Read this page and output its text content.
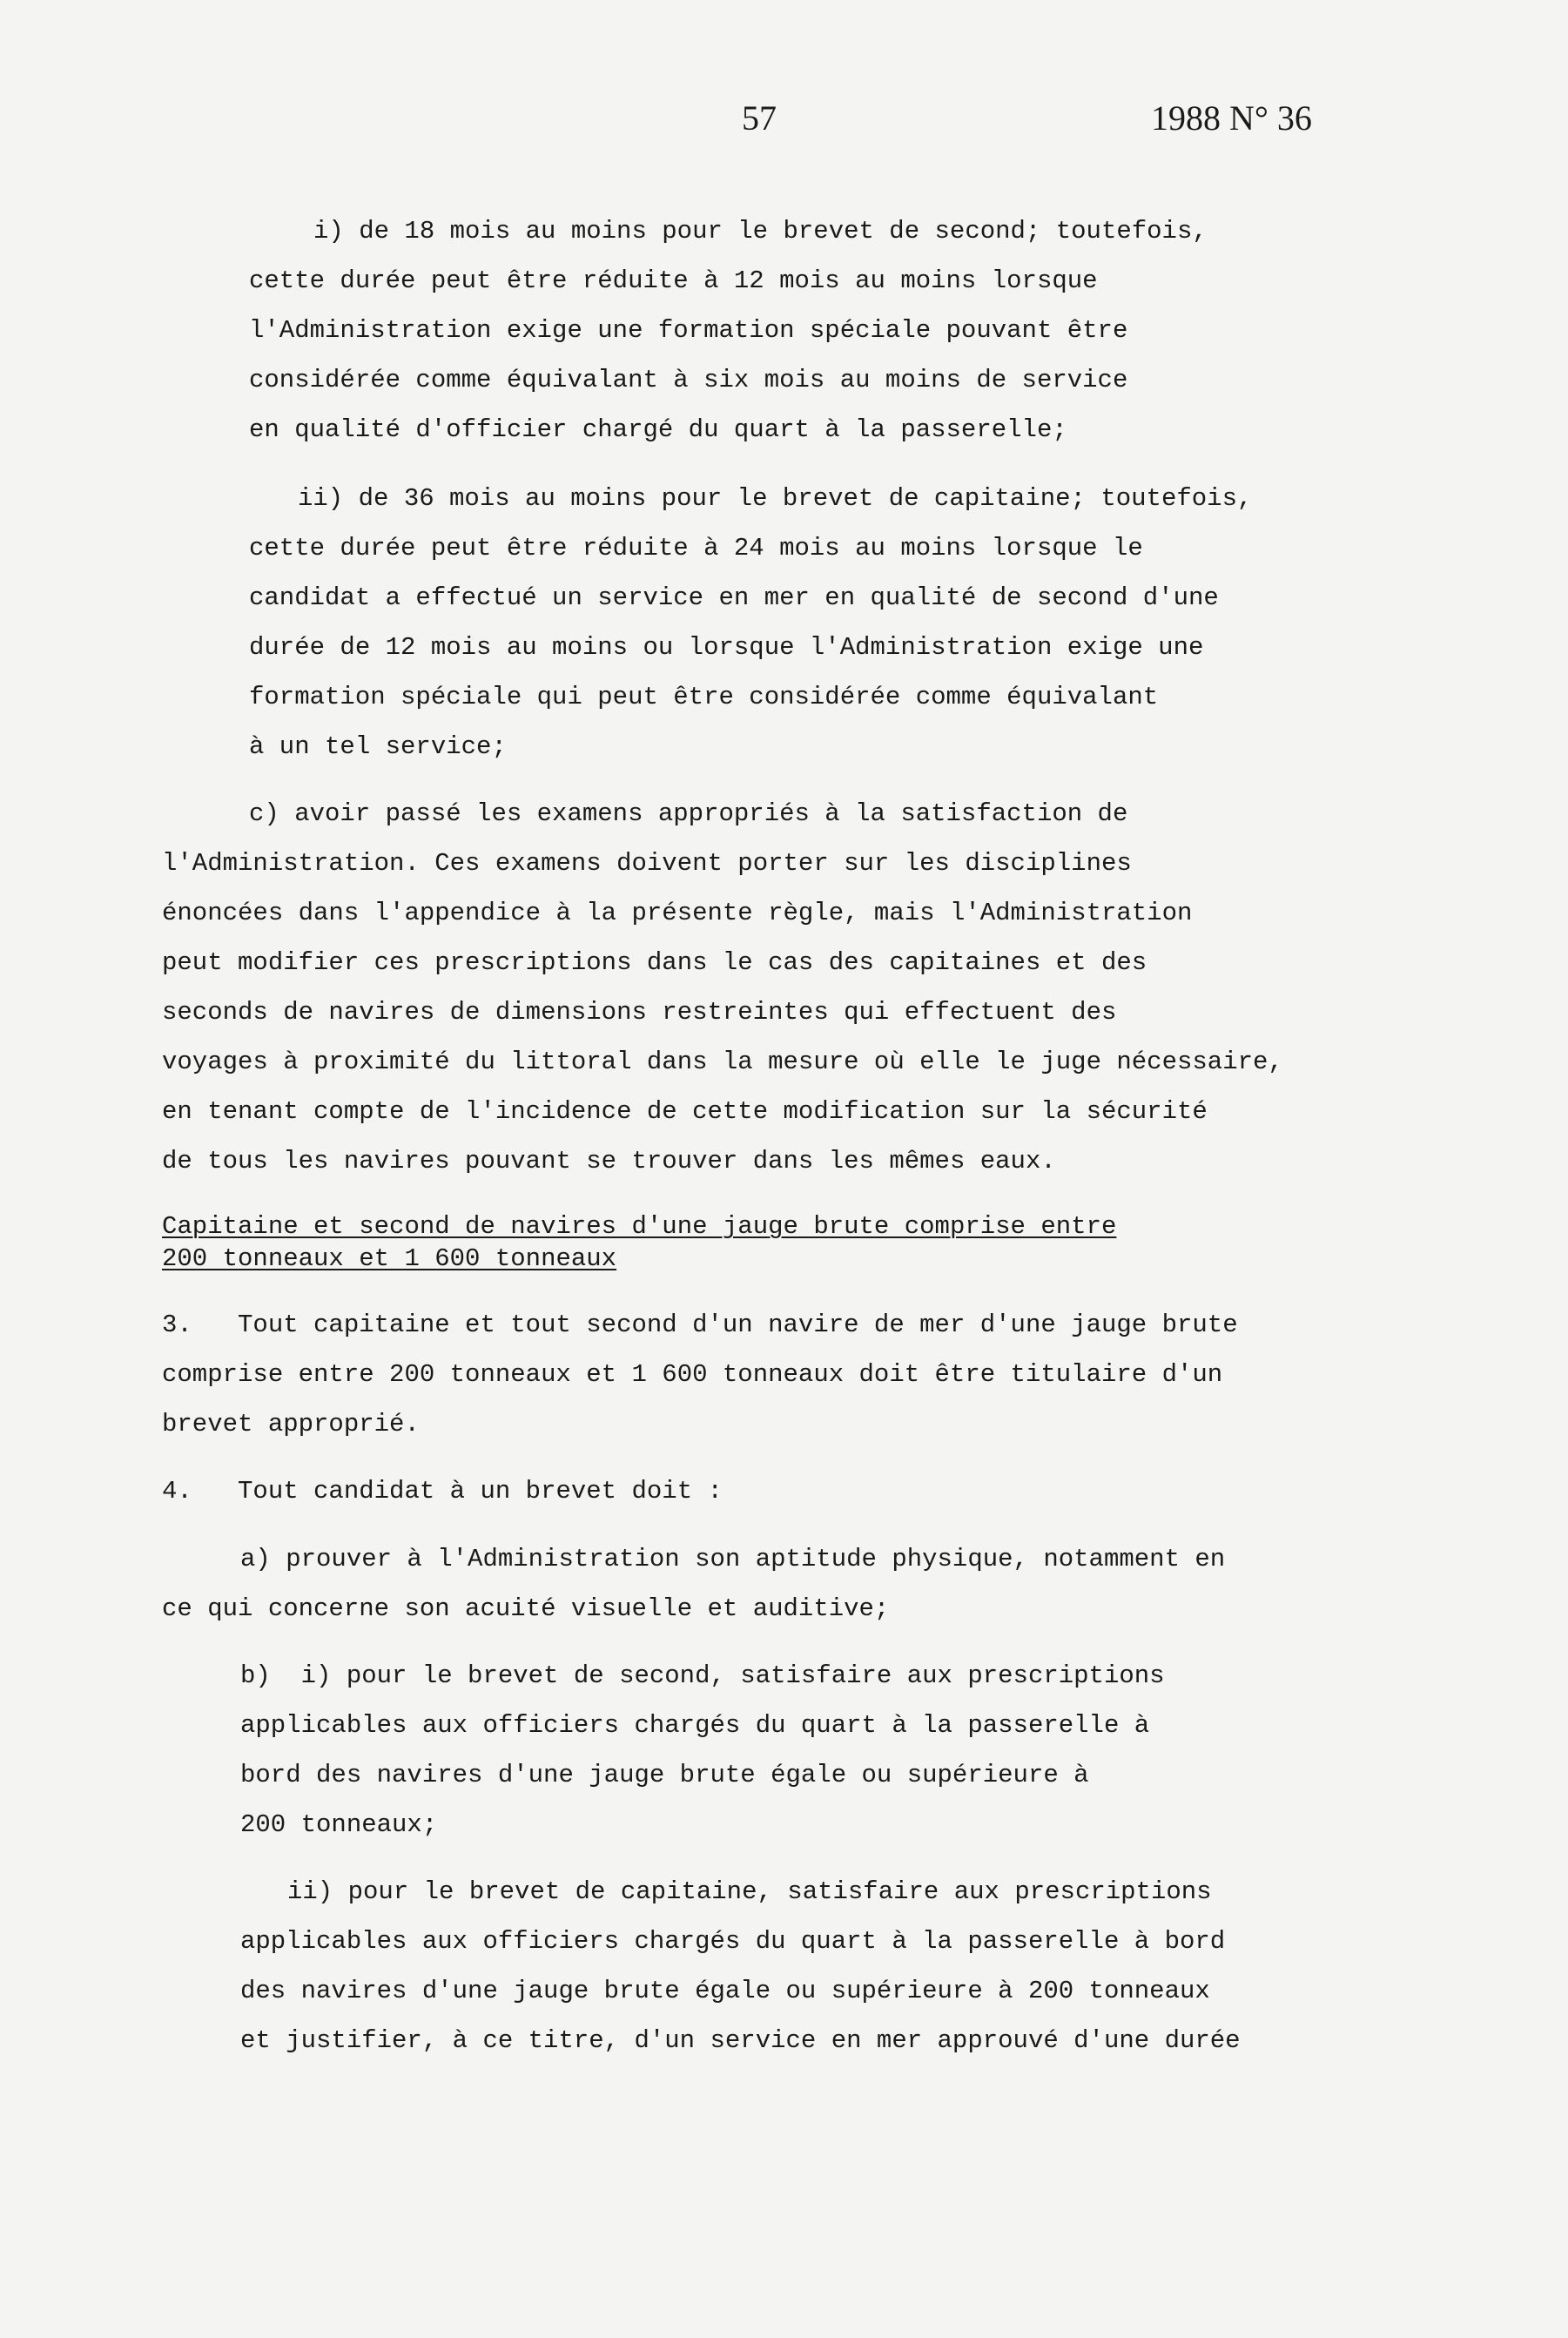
57	1988 N° 36

i) de 18 mois au moins pour le brevet de second; toutefois,

cette durée peut être réduite à 12 mois au moins lorsque

l'Administration exige une formation spéciale pouvant être

considérée comme équivalant à six mois au moins de service

en qualité d'officier chargé du quart à la passerelle;

ii) de 36 mois au moins pour le brevet de capitaine; toutefois,

cette durée peut être réduite à 24 mois au moins lorsque le

candidat a effectué un service en mer en qualité de second d'une

durée de 12 mois au moins ou lorsque l'Administration exige une

formation spéciale qui peut être considérée comme équivalant

à un tel service;

c) avoir passé les examens appropriés à la satisfaction de

l'Administration. Ces examens doivent porter sur les disciplines

énoncées dans l'appendice à la présente règle, mais l'Administration

peut modifier ces prescriptions dans le cas des capitaines et des

seconds de navires de dimensions restreintes qui effectuent des

voyages à proximité du littoral dans la mesure où elle le juge nécessaire,

en tenant compte de l'incidence de cette modification sur la sécurité

de tous les navires pouvant se trouver dans les mêmes eaux.

Capitaine et second de navires d'une jauge brute comprise entre

200 tonneaux et 1 600 tonneaux

3.   Tout capitaine et tout second d'un navire de mer d'une jauge brute

comprise entre 200 tonneaux et 1 600 tonneaux doit être titulaire d'un

brevet approprié.

4.   Tout candidat à un brevet doit :

a) prouver à l'Administration son aptitude physique, notamment en

ce qui concerne son acuité visuelle et auditive;

b)  i) pour le brevet de second, satisfaire aux prescriptions

applicables aux officiers chargés du quart à la passerelle à

bord des navires d'une jauge brute égale ou supérieure à

200 tonneaux;

ii) pour le brevet de capitaine, satisfaire aux prescriptions

applicables aux officiers chargés du quart à la passerelle à bord

des navires d'une jauge brute égale ou supérieure à 200 tonneaux

et justifier, à ce titre, d'un service en mer approuvé d'une durée
